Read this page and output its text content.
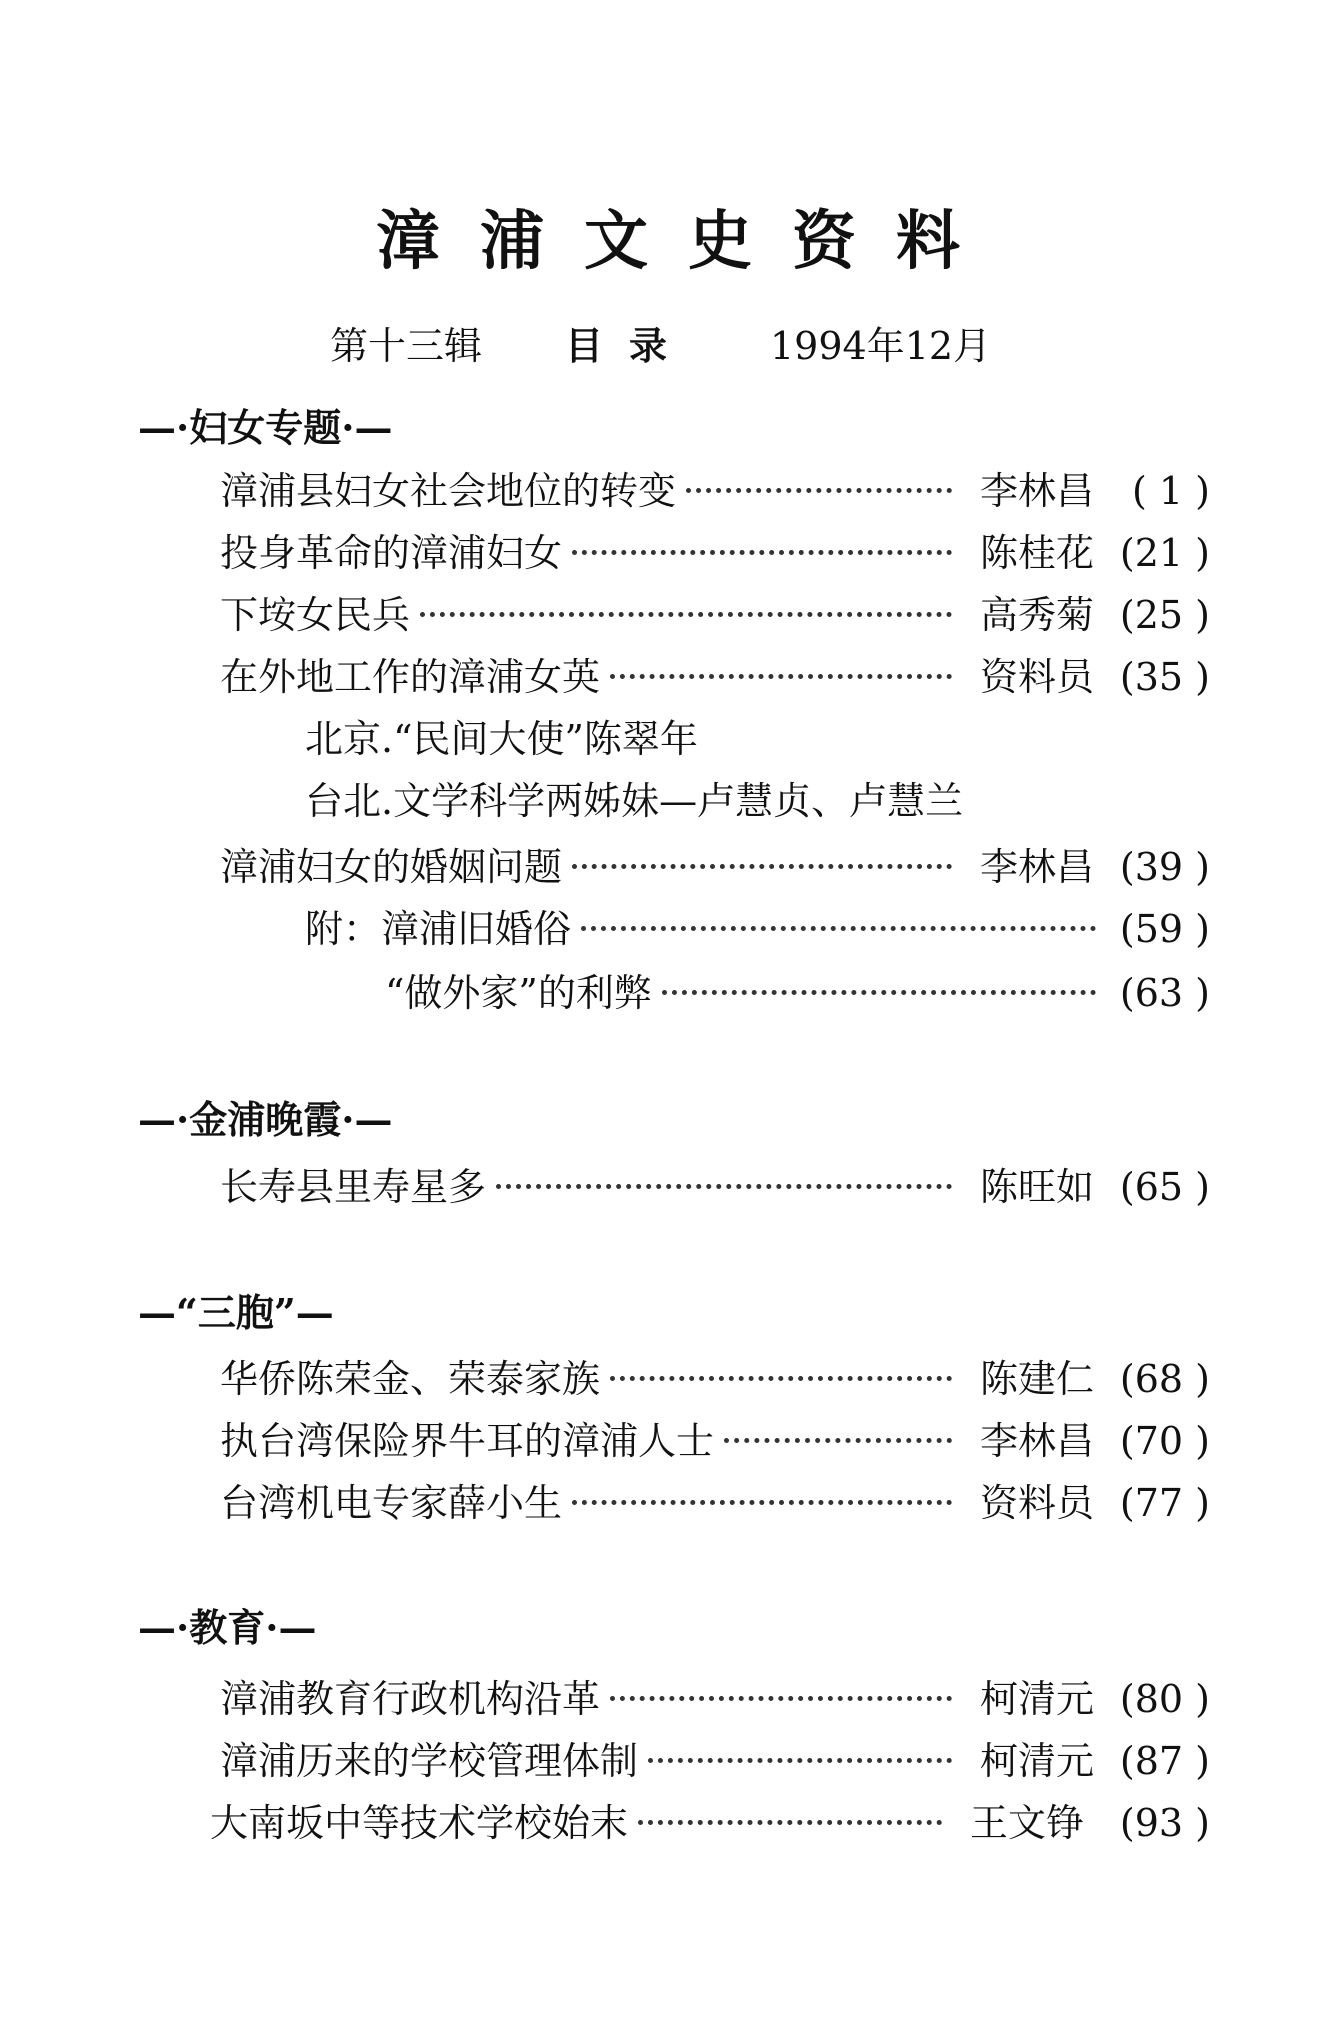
漳浦文史资料
第十三辑 目录 1994年12月
—·妇女专题·—
漳浦县妇女社会地位的转变	李林昌 ( 1 )
投身革命的漳浦妇女	陈桂花 (21 )
下垵女民兵	高秀菊 (25 )
在外地工作的漳浦女英	资料员 (35 )
北京.“民间大使”陈翠年
台北.文学科学两姊妹—卢慧贞、卢慧兰
漳浦妇女的婚姻问题	李林昌 (39 )
附：漳浦旧婚俗	(59 )
“做外家”的利弊	(63 )
—·金浦晚霞·—
长寿县里寿星多	陈旺如 (65 )
—“三胞”—
华侨陈荣金、荣泰家族	陈建仁 (68 )
执台湾保险界牛耳的漳浦人士	李林昌 (70 )
台湾机电专家薛小生	资料员 (77 )
—·教育·—
漳浦教育行政机构沿革	柯清元 (80 )
漳浦历来的学校管理体制	柯清元 (87 )
大南坂中等技术学校始末	王文铮 (93 )
